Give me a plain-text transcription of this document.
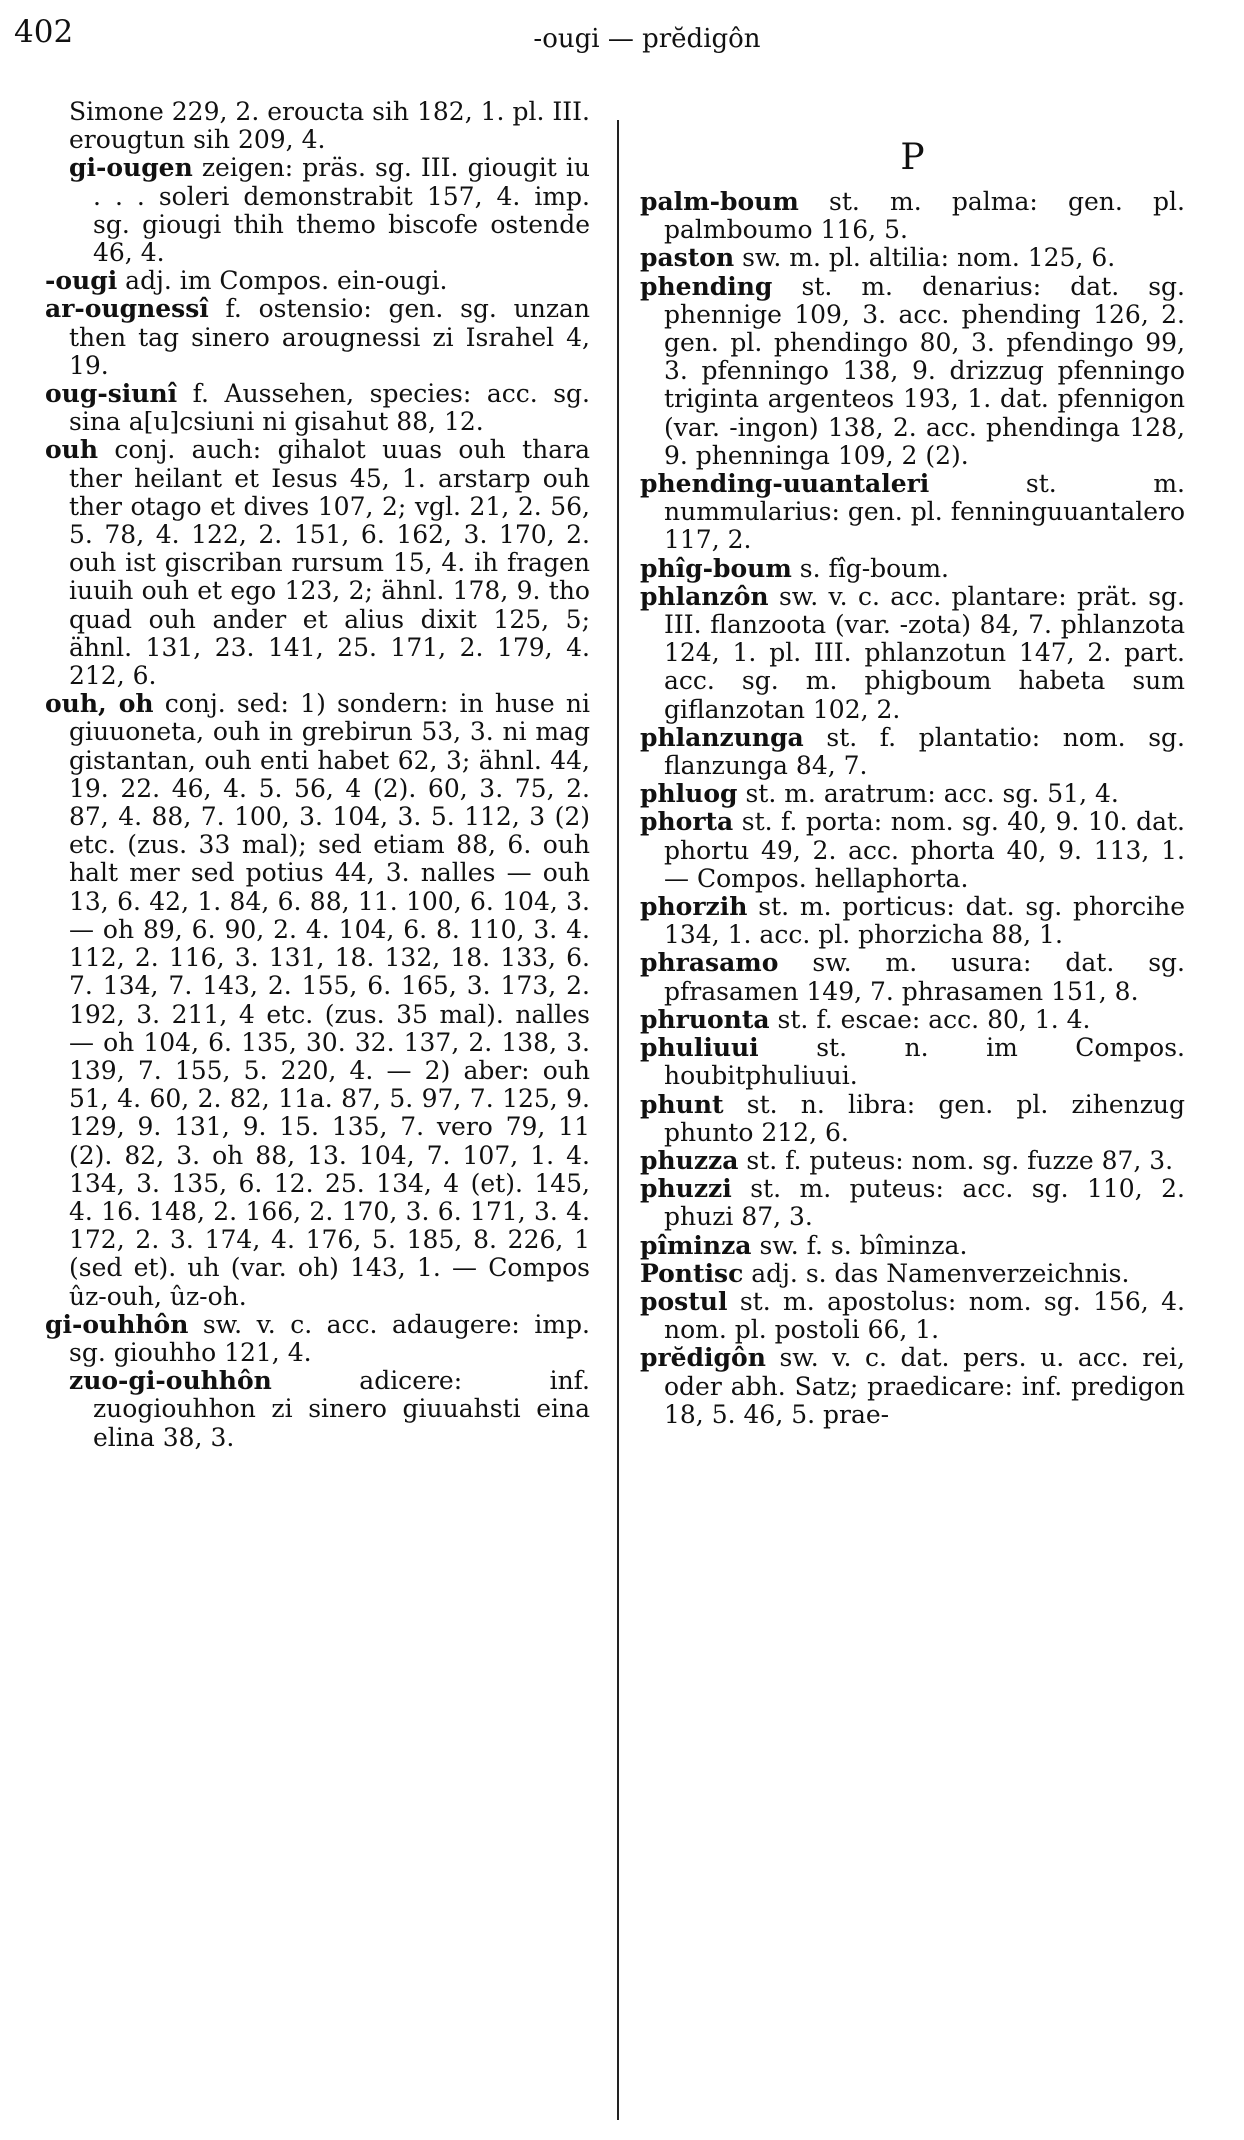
402	-ougi — prĕdigôn

Simone 229, 2. eroucta sih 182, 1. pl. III. erougtun sih 209, 4.

gi-ougen zeigen: präs. sg. III. giougit iu . . . soleri demonstrabit 157, 4. imp. sg. giougi thih themo biscofe ostende 46, 4.

-ougi adj. im Compos. ein-ougi.

ar-ougnessî f. ostensio: gen. sg. unzan then tag sinero arougnessi zi Israhel 4, 19.

oug-siunî f. Aussehen, species: acc. sg. sina a[u]csiuni ni gisahut 88, 12.

ouh conj. auch: gihalot uuas ouh thara ther heilant et Iesus 45, 1. arstarp ouh ther otago et dives 107, 2; vgl. 21, 2. 56, 5. 78, 4. 122, 2. 151, 6. 162, 3. 170, 2. ouh ist giscriban rursum 15, 4. ih fragen iuuih ouh et ego 123, 2; ähnl. 178, 9. tho quad ouh ander et alius dixit 125, 5; ähnl. 131, 23. 141, 25. 171, 2. 179, 4. 212, 6.

ouh, oh conj. sed: 1) sondern: in huse ni giuuoneta, ouh in grebirun 53, 3. ni mag gistantan, ouh enti habet 62, 3; ähnl. 44, 19. 22. 46, 4. 5. 56, 4 (2). 60, 3. 75, 2. 87, 4. 88, 7. 100, 3. 104, 3. 5. 112, 3 (2) etc. (zus. 33 mal); sed etiam 88, 6. ouh halt mer sed potius 44, 3. nalles — ouh 13, 6. 42, 1. 84, 6. 88, 11. 100, 6. 104, 3. — oh 89, 6. 90, 2. 4. 104, 6. 8. 110, 3. 4. 112, 2. 116, 3. 131, 18. 132, 18. 133, 6. 7. 134, 7. 143, 2. 155, 6. 165, 3. 173, 2. 192, 3. 211, 4 etc. (zus. 35 mal). nalles — oh 104, 6. 135, 30. 32. 137, 2. 138, 3. 139, 7. 155, 5. 220, 4. — 2) aber: ouh 51, 4. 60, 2. 82, 11a. 87, 5. 97, 7. 125, 9. 129, 9. 131, 9. 15. 135, 7. vero 79, 11 (2). 82, 3. oh 88, 13. 104, 7. 107, 1. 4. 134, 3. 135, 6. 12. 25. 134, 4 (et). 145, 4. 16. 148, 2. 166, 2. 170, 3. 6. 171, 3. 4. 172, 2. 3. 174, 4. 176, 5. 185, 8. 226, 1 (sed et). uh (var. oh) 143, 1. — Compos ûz-ouh, ûz-oh.

gi-ouhhôn sw. v. c. acc. adaugere: imp. sg. giouhho 121, 4.

zuo-gi-ouhhôn adicere: inf. zuogiouhhon zi sinero giuuahsti eina elina 38, 3.

P

palm-boum st. m. palma: gen. pl. palmboumo 116, 5.

paston sw. m. pl. altilia: nom. 125, 6.

phending st. m. denarius: dat. sg. phennige 109, 3. acc. phending 126, 2. gen. pl. phendingo 80, 3. pfendingo 99, 3. pfenningo 138, 9. drizzug pfenningo triginta argenteos 193, 1. dat. pfennigon (var. -ingon) 138, 2. acc. phendinga 128, 9. phenninga 109, 2 (2).

phending-uuantaleri st. m. nummularius: gen. pl. fenninguuantalero 117, 2.

phîg-boum s. fîg-boum.

phlanzôn sw. v. c. acc. plantare: prät. sg. III. flanzoota (var. -zota) 84, 7. phlanzota 124, 1. pl. III. phlanzotun 147, 2. part. acc. sg. m. phigboum habeta sum giflanzotan 102, 2.

phlanzunga st. f. plantatio: nom. sg. flanzunga 84, 7.

phluog st. m. aratrum: acc. sg. 51, 4.

phorta st. f. porta: nom. sg. 40, 9. 10. dat. phortu 49, 2. acc. phorta 40, 9. 113, 1. — Compos. hellaphorta.

phorzih st. m. porticus: dat. sg. phorcihe 134, 1. acc. pl. phorzicha 88, 1.

phrasamo sw. m. usura: dat. sg. pfrasamen 149, 7. phrasamen 151, 8.

phruonta st. f. escae: acc. 80, 1. 4.

phuliuui st. n. im Compos. houbitphuliuui.

phunt st. n. libra: gen. pl. zihenzug phunto 212, 6.

phuzza st. f. puteus: nom. sg. fuzze 87, 3.

phuzzi st. m. puteus: acc. sg. 110, 2. phuzi 87, 3.

pîminza sw. f. s. bîminza.

Pontisc adj. s. das Namenverzeichnis.

postul st. m. apostolus: nom. sg. 156, 4. nom. pl. postoli 66, 1.

prĕdigôn sw. v. c. dat. pers. u. acc. rei, oder abh. Satz; praedicare: inf. predigon 18, 5. 46, 5. prae-
